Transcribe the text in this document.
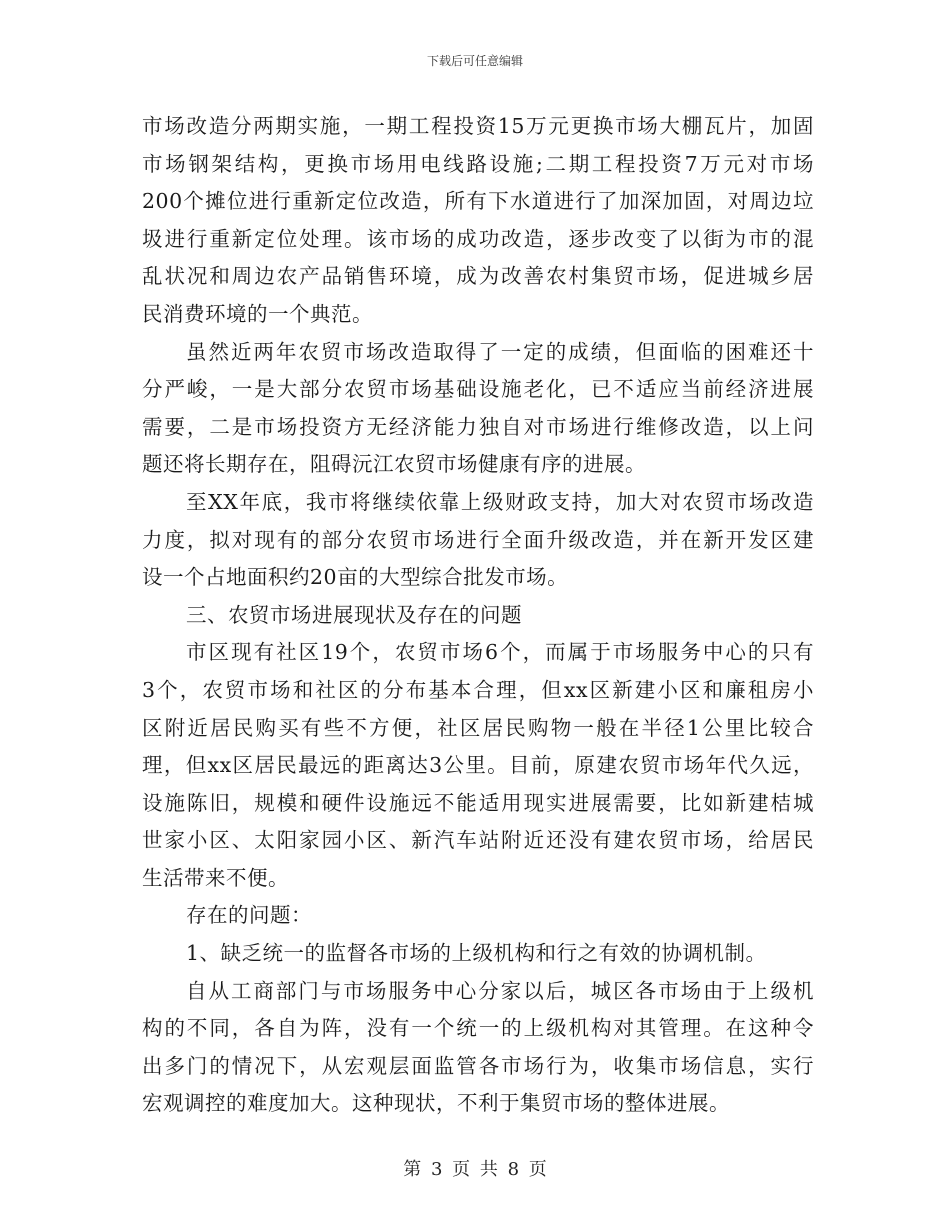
下载后可任意编辑
市场改造分两期实施，一期工程投资15万元更换市场大棚瓦片，加固
市场钢架结构，更换市场用电线路设施;二期工程投资7万元对市场
200个摊位进行重新定位改造，所有下水道进行了加深加固，对周边垃
圾进行重新定位处理。该市场的成功改造，逐步改变了以街为市的混
乱状况和周边农产品销售环境，成为改善农村集贸市场，促进城乡居
民消费环境的一个典范。
虽然近两年农贸市场改造取得了一定的成绩，但面临的困难还十
分严峻，一是大部分农贸市场基础设施老化，已不适应当前经济进展
需要，二是市场投资方无经济能力独自对市场进行维修改造，以上问
题还将长期存在，阻碍沅江农贸市场健康有序的进展。
至XX年底，我市将继续依靠上级财政支持，加大对农贸市场改造
力度，拟对现有的部分农贸市场进行全面升级改造，并在新开发区建
设一个占地面积约20亩的大型综合批发市场。
三、农贸市场进展现状及存在的问题
市区现有社区19个，农贸市场6个，而属于市场服务中心的只有
3个，农贸市场和社区的分布基本合理，但xx区新建小区和廉租房小
区附近居民购买有些不方便，社区居民购物一般在半径1公里比较合
理，但xx区居民最远的距离达3公里。目前，原建农贸市场年代久远，
设施陈旧，规模和硬件设施远不能适用现实进展需要，比如新建桔城
世家小区、太阳家园小区、新汽车站附近还没有建农贸市场，给居民
生活带来不便。
存在的问题：
1、缺乏统一的监督各市场的上级机构和行之有效的协调机制。
自从工商部门与市场服务中心分家以后，城区各市场由于上级机
构的不同，各自为阵，没有一个统一的上级机构对其管理。在这种令
出多门的情况下，从宏观层面监管各市场行为，收集市场信息，实行
宏观调控的难度加大。这种现状，不利于集贸市场的整体进展。
第 3 页 共 8 页
